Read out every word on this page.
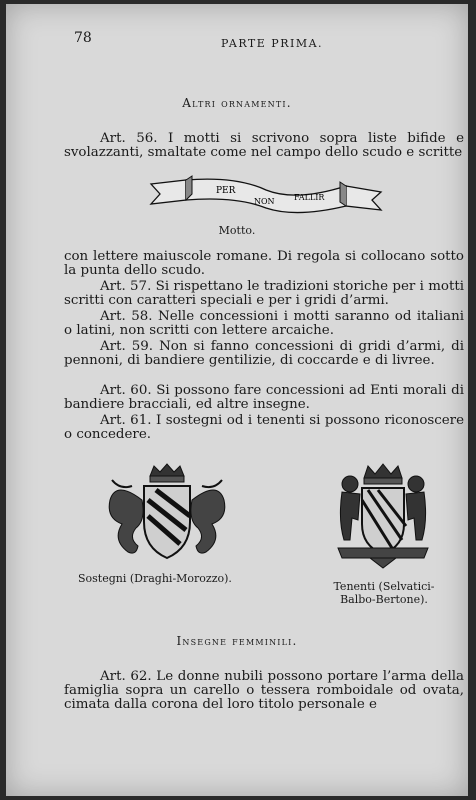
78	PARTE PRIMA.
Altri ornamenti.
Art. 56. I motti si scrivono sopra liste bifide e svolazzanti, smaltate come nel campo dello scudo e scritte
PER
NON FALLIR
Motto.
con lettere maiuscole romane. Di regola si collocano sotto la punta dello scudo.
Art. 57. Si rispettano le tradizioni storiche per i motti scritti con caratteri speciali e per i gridi d’armi.
Art. 58. Nelle concessioni i motti saranno od italiani o latini, non scritti con lettere arcaiche.
Art. 59. Non si fanno concessioni di gridi d’armi, di pennoni, di bandiere gentilizie, di coccarde e di livree.
Art. 60. Si possono fare concessioni ad Enti morali di bandiere bracciali, ed altre insegne.
Art. 61. I sostegni od i tenenti si possono riconoscere o concedere.
Sostegni (Draghi-Morozzo).
Tenenti (Selvatici-
Balbo-Bertone).
Insegne femminili.
Art. 62. Le donne nubili possono portare l’arma della famiglia sopra un carello o tessera romboidale od ovata, cimata dalla corona del loro titolo personale e
